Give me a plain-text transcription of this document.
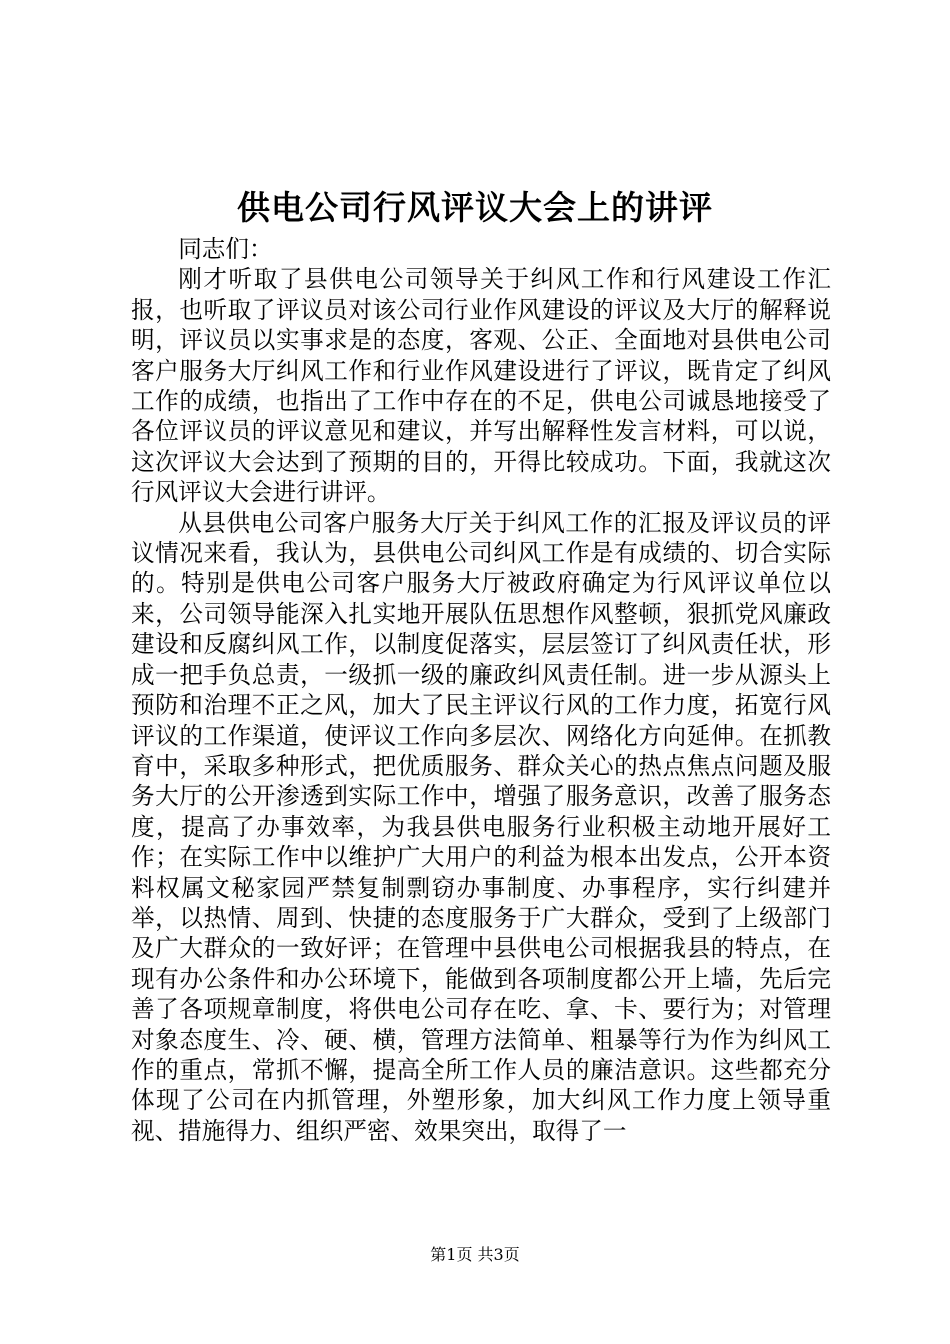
供电公司行风评议大会上的讲评

同志们：

刚才听取了县供电公司领导关于纠风工作和行风建设工作汇报，也听取了评议员对该公司行业作风建设的评议及大厅的解释说明，评议员以实事求是的态度，客观、公正、全面地对县供电公司客户服务大厅纠风工作和行业作风建设进行了评议，既肯定了纠风工作的成绩，也指出了工作中存在的不足，供电公司诚恳地接受了各位评议员的评议意见和建议，并写出解释性发言材料，可以说，这次评议大会达到了预期的目的，开得比较成功。下面，我就这次行风评议大会进行讲评。

从县供电公司客户服务大厅关于纠风工作的汇报及评议员的评议情况来看，我认为，县供电公司纠风工作是有成绩的、切合实际的。特别是供电公司客户服务大厅被政府确定为行风评议单位以来，公司领导能深入扎实地开展队伍思想作风整顿，狠抓党风廉政建设和反腐纠风工作，以制度促落实，层层签订了纠风责任状，形成一把手负总责，一级抓一级的廉政纠风责任制。进一步从源头上预防和治理不正之风，加大了民主评议行风的工作力度，拓宽行风评议的工作渠道，使评议工作向多层次、网络化方向延伸。在抓教育中，采取多种形式，把优质服务、群众关心的热点焦点问题及服务大厅的公开渗透到实际工作中，增强了服务意识，改善了服务态度，提高了办事效率，为我县供电服务行业积极主动地开展好工作；在实际工作中以维护广大用户的利益为根本出发点，公开本资料权属文秘家园严禁复制剽窃办事制度、办事程序，实行纠建并举，以热情、周到、快捷的态度服务于广大群众，受到了上级部门及广大群众的一致好评；在管理中县供电公司根据我县的特点，在现有办公条件和办公环境下，能做到各项制度都公开上墙，先后完善了各项规章制度，将供电公司存在吃、拿、卡、要行为；对管理对象态度生、冷、硬、横，管理方法简单、粗暴等行为作为纠风工作的重点，常抓不懈，提高全所工作人员的廉洁意识。这些都充分体现了公司在内抓管理，外塑形象，加大纠风工作力度上领导重视、措施得力、组织严密、效果突出，取得了一

第1页 共3页
